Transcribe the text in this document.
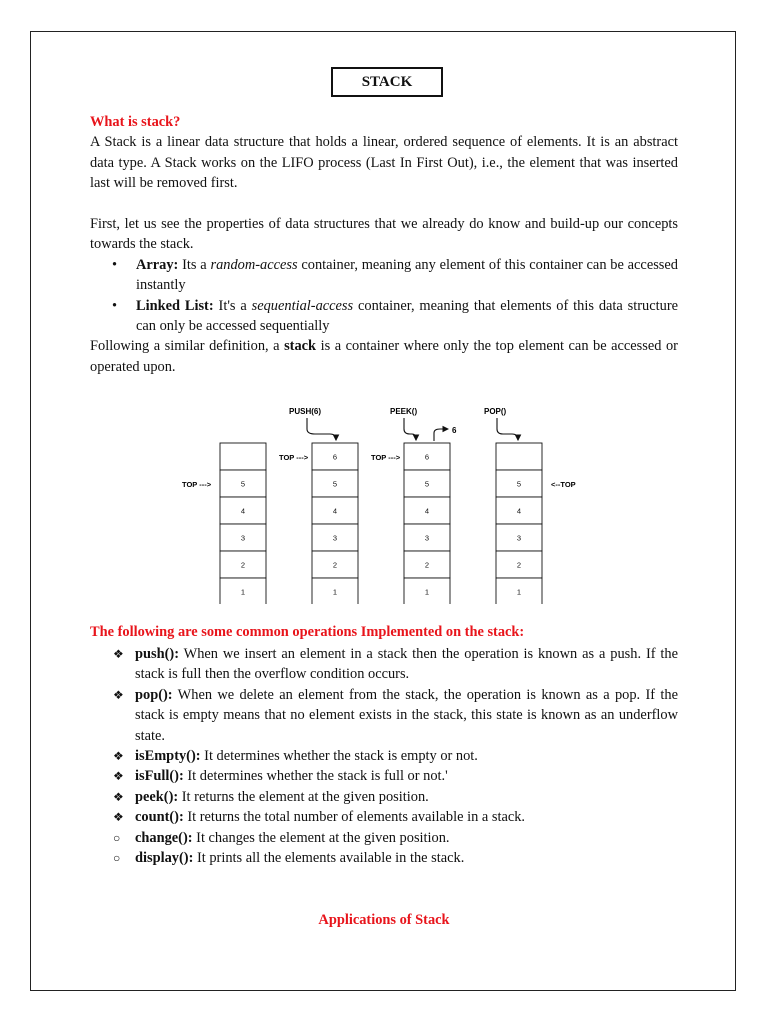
STACK
What is stack?
A Stack is a linear data structure that holds a linear, ordered sequence of elements. It is an abstract data type. A Stack works on the LIFO process (Last In First Out), i.e., the element that was inserted last will be removed first.
First, let us see the properties of data structures that we already do know and build-up our concepts towards the stack.
• Array: Its a random-access container, meaning any element of this container can be accessed instantly
• Linked List: It's a sequential-access container, meaning that elements of this data structure can only be accessed sequentially
Following a similar definition, a stack is a container where only the top element can be accessed or operated upon.
5
4
3
2
1
6
5
4
3
2
1
6
5
4
3
2
1
5
4
3
2
1
PUSH(6)	PEEK()	POP()
6
TOP --->	TOP --->
TOP --->	<--TOP
The following are some common operations Implemented on the stack:
❖ push(): When we insert an element in a stack then the operation is known as a push. If the stack is full then the overflow condition occurs.
❖ pop(): When we delete an element from the stack, the operation is known as a pop. If the stack is empty means that no element exists in the stack, this state is known as an underflow state.
❖ isEmpty(): It determines whether the stack is empty or not.
❖ isFull(): It determines whether the stack is full or not.'
❖ peek(): It returns the element at the given position.
❖ count(): It returns the total number of elements available in a stack.
○ change(): It changes the element at the given position.
○ display(): It prints all the elements available in the stack.
Applications of Stack
